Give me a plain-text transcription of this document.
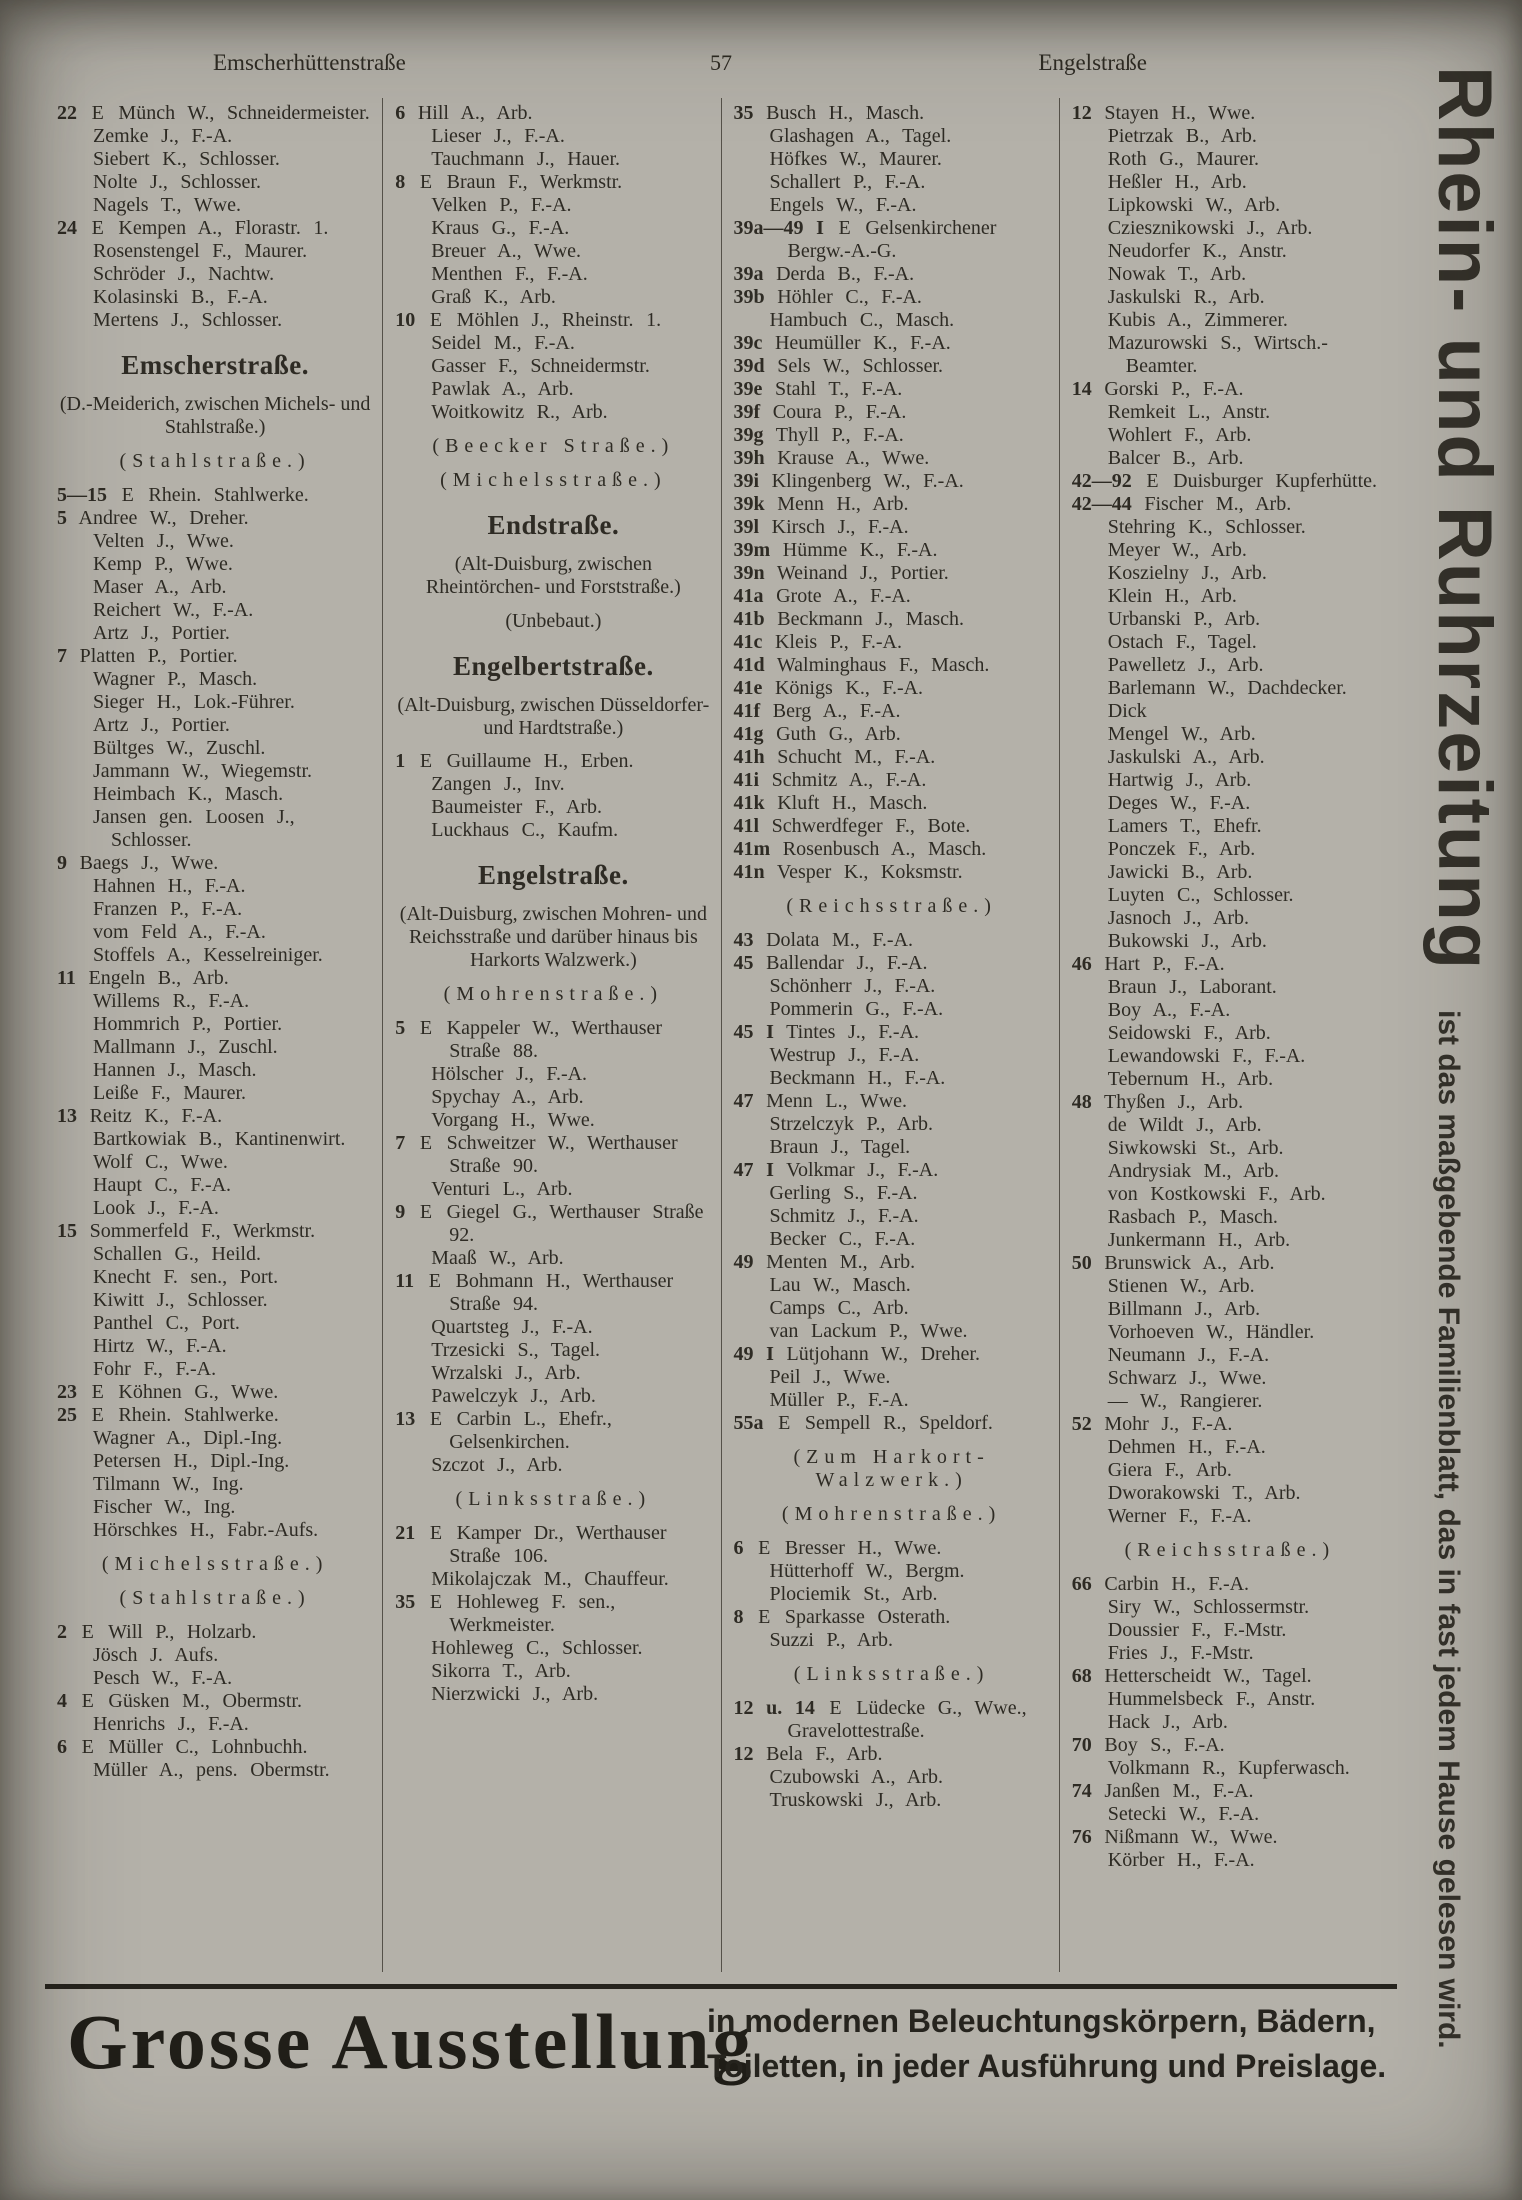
Emscherhüttenstraße	57	Engelstraße
22 E Münch W., Schneidermeister.
Zemke J., F.-A.
Siebert K., Schlosser.
Nolte J., Schlosser.
Nagels T., Wwe.
24 E Kempen A., Florastr. 1.
Rosenstengel F., Maurer.
Schröder J., Nachtw.
Kolasinski B., F.-A.
Mertens J., Schlosser.
Emscherstraße.
(D.-Meiderich, zwischen Michels- und Stahlstraße.)
(Stahlstraße.)
5—15 E Rhein. Stahlwerke.
5 Andree W., Dreher.
Velten J., Wwe.
Kemp P., Wwe.
Maser A., Arb.
Reichert W., F.-A.
Artz J., Portier.
7 Platten P., Portier.
Wagner P., Masch.
Sieger H., Lok.-Führer.
Artz J., Portier.
Bültges W., Zuschl.
Jammann W., Wiegemstr.
Heimbach K., Masch.
Jansen gen. Loosen J., Schlosser.
9 Baegs J., Wwe.
Hahnen H., F.-A.
Franzen P., F.-A.
vom Feld A., F.-A.
Stoffels A., Kesselreiniger.
11 Engeln B., Arb.
Willems R., F.-A.
Hommrich P., Portier.
Mallmann J., Zuschl.
Hannen J., Masch.
Leiße F., Maurer.
13 Reitz K., F.-A.
Bartkowiak B., Kantinenwirt.
Wolf C., Wwe.
Haupt C., F.-A.
Look J., F.-A.
15 Sommerfeld F., Werkmstr.
Schallen G., Heild.
Knecht F. sen., Port.
Kiwitt J., Schlosser.
Panthel C., Port.
Hirtz W., F.-A.
Fohr F., F.-A.
23 E Köhnen G., Wwe.
25 E Rhein. Stahlwerke.
Wagner A., Dipl.-Ing.
Petersen H., Dipl.-Ing.
Tilmann W., Ing.
Fischer W., Ing.
Hörschkes H., Fabr.-Aufs.
(Michelsstraße.)
(Stahlstraße.)
2 E Will P., Holzarb.
Jösch J. Aufs.
Pesch W., F.-A.
4 E Güsken M., Obermstr.
Henrichs J., F.-A.
6 E Müller C., Lohnbuchh.
Müller A., pens. Obermstr.
6 Hill A., Arb.
Lieser J., F.-A.
Tauchmann J., Hauer.
8 E Braun F., Werkmstr.
Velken P., F.-A.
Kraus G., F.-A.
Breuer A., Wwe.
Menthen F., F.-A.
Graß K., Arb.
10 E Möhlen J., Rheinstr. 1.
Seidel M., F.-A.
Gasser F., Schneidermstr.
Pawlak A., Arb.
Woitkowitz R., Arb.
(Beecker Straße.)
(Michelsstraße.)
Endstraße.
(Alt-Duisburg, zwischen Rheintörchen- und Forststraße.)
(Unbebaut.)
Engelbertstraße.
(Alt-Duisburg, zwischen Düsseldorfer- und Hardtstraße.)
1 E Guillaume H., Erben.
Zangen J., Inv.
Baumeister F., Arb.
Luckhaus C., Kaufm.
Engelstraße.
(Alt-Duisburg, zwischen Mohren- und Reichsstraße und darüber hinaus bis Harkorts Walzwerk.)
(Mohrenstraße.)
5 E Kappeler W., Werthauser Straße 88.
Hölscher J., F.-A.
Spychay A., Arb.
Vorgang H., Wwe.
7 E Schweitzer W., Werthauser Straße 90.
Venturi L., Arb.
9 E Giegel G., Werthauser Straße 92.
Maaß W., Arb.
11 E Bohmann H., Werthauser Straße 94.
Quartsteg J., F.-A.
Trzesicki S., Tagel.
Wrzalski J., Arb.
Pawelczyk J., Arb.
13 E Carbin L., Ehefr., Gelsenkirchen.
Szczot J., Arb.
(Linksstraße.)
21 E Kamper Dr., Werthauser Straße 106.
Mikolajczak M., Chauffeur.
35 E Hohleweg F. sen., Werkmeister.
Hohleweg C., Schlosser.
Sikorra T., Arb.
Nierzwicki J., Arb.
35 Busch H., Masch.
Glashagen A., Tagel.
Höfkes W., Maurer.
Schallert P., F.-A.
Engels W., F.-A.
39a—49 I E Gelsenkirchener Bergw.-A.-G.
39a Derda B., F.-A.
39b Höhler C., F.-A.
Hambuch C., Masch.
39c Heumüller K., F.-A.
39d Sels W., Schlosser.
39e Stahl T., F.-A.
39f Coura P., F.-A.
39g Thyll P., F.-A.
39h Krause A., Wwe.
39i Klingenberg W., F.-A.
39k Menn H., Arb.
39l Kirsch J., F.-A.
39m Hümme K., F.-A.
39n Weinand J., Portier.
41a Grote A., F.-A.
41b Beckmann J., Masch.
41c Kleis P., F.-A.
41d Walminghaus F., Masch.
41e Königs K., F.-A.
41f Berg A., F.-A.
41g Guth G., Arb.
41h Schucht M., F.-A.
41i Schmitz A., F.-A.
41k Kluft H., Masch.
41l Schwerdfeger F., Bote.
41m Rosenbusch A., Masch.
41n Vesper K., Koksmstr.
(Reichsstraße.)
43 Dolata M., F.-A.
45 Ballendar J., F.-A.
Schönherr J., F.-A.
Pommerin G., F.-A.
45 I Tintes J., F.-A.
Westrup J., F.-A.
Beckmann H., F.-A.
47 Menn L., Wwe.
Strzelczyk P., Arb.
Braun J., Tagel.
47 I Volkmar J., F.-A.
Gerling S., F.-A.
Schmitz J., F.-A.
Becker C., F.-A.
49 Menten M., Arb.
Lau W., Masch.
Camps C., Arb.
van Lackum P., Wwe.
49 I Lütjohann W., Dreher.
Peil J., Wwe.
Müller P., F.-A.
55a E Sempell R., Speldorf.
(Zum Harkort-Walzwerk.)
(Mohrenstraße.)
6 E Bresser H., Wwe.
Hütterhoff W., Bergm.
Plociemik St., Arb.
8 E Sparkasse Osterath.
Suzzi P., Arb.
(Linksstraße.)
12 u. 14 E Lüdecke G., Wwe., Gravelottestraße.
12 Bela F., Arb.
Czubowski A., Arb.
Truskowski J., Arb.
12 Stayen H., Wwe.
Pietrzak B., Arb.
Roth G., Maurer.
Heßler H., Arb.
Lipkowski W., Arb.
Cziesznikowski J., Arb.
Neudorfer K., Anstr.
Nowak T., Arb.
Jaskulski R., Arb.
Kubis A., Zimmerer.
Mazurowski S., Wirtsch.-Beamter.
14 Gorski P., F.-A.
Remkeit L., Anstr.
Wohlert F., Arb.
Balcer B., Arb.
42—92 E Duisburger Kupferhütte.
42—44 Fischer M., Arb.
Stehring K., Schlosser.
Meyer W., Arb.
Koszielny J., Arb.
Klein H., Arb.
Urbanski P., Arb.
Ostach F., Tagel.
Pawelletz J., Arb.
Barlemann W., Dachdecker.
Dick
Mengel W., Arb.
Jaskulski A., Arb.
Hartwig J., Arb.
Deges W., F.-A.
Lamers T., Ehefr.
Ponczek F., Arb.
Jawicki B., Arb.
Luyten C., Schlosser.
Jasnoch J., Arb.
Bukowski J., Arb.
46 Hart P., F.-A.
Braun J., Laborant.
Boy A., F.-A.
Seidowski F., Arb.
Lewandowski F., F.-A.
Tebernum H., Arb.
48 Thyßen J., Arb.
de Wildt J., Arb.
Siwkowski St., Arb.
Andrysiak M., Arb.
von Kostkowski F., Arb.
Rasbach P., Masch.
Junkermann H., Arb.
50 Brunswick A., Arb.
Stienen W., Arb.
Billmann J., Arb.
Vorhoeven W., Händler.
Neumann J., F.-A.
Schwarz J., Wwe.
— W., Rangierer.
52 Mohr J., F.-A.
Dehmen H., F.-A.
Giera F., Arb.
Dworakowski T., Arb.
Werner F., F.-A.
(Reichsstraße.)
66 Carbin H., F.-A.
Siry W., Schlossermstr.
Doussier F., F.-Mstr.
Fries J., F.-Mstr.
68 Hetterscheidt W., Tagel.
Hummelsbeck F., Anstr.
Hack J., Arb.
70 Boy S., F.-A.
Volkmann R., Kupferwasch.
74 Janßen M., F.-A.
Setecki W., F.-A.
76 Nißmann W., Wwe.
Körber H., F.-A.
Grosse Ausstellung
in modernen Beleuchtungskörpern, Bädern,
Toiletten, in jeder Ausführung und Preislage.
Rhein- und Ruhrzeitung ist das maßgebende Familienblatt, das in fast jedem Hause gelesen wird.
